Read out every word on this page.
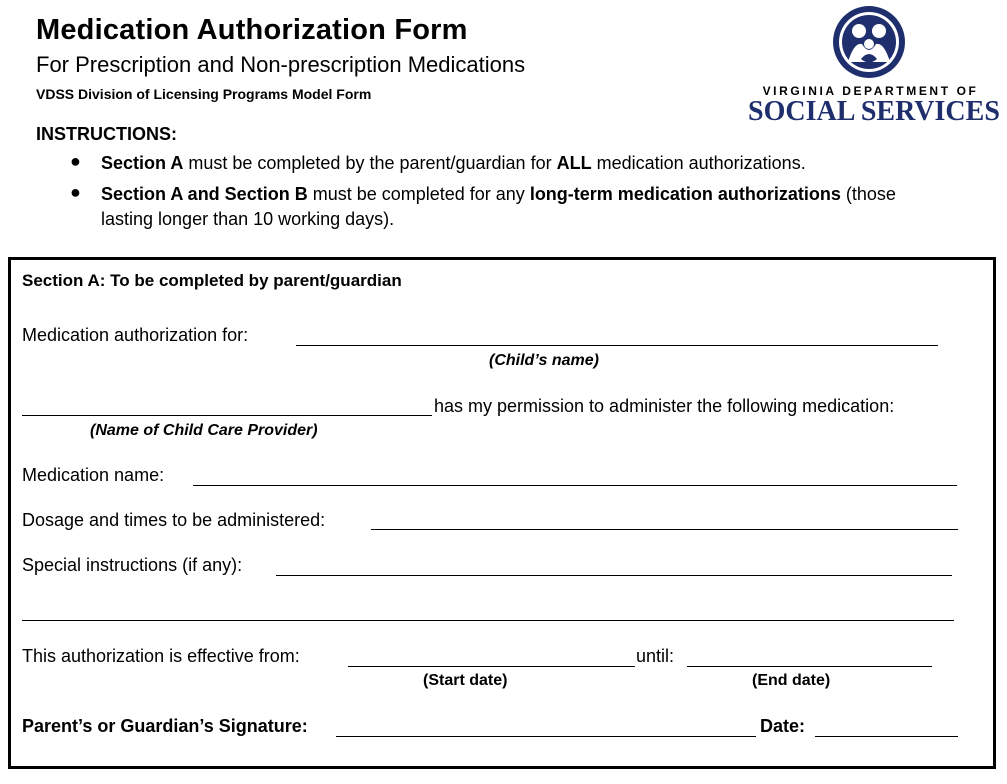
Medication Authorization Form
For Prescription and Non-prescription Medications
VDSS Division of Licensing Programs Model Form	VIRGINIA DEPARTMENT OF
SOCIAL SERVICES
INSTRUCTIONS:
● Section A must be completed by the parent/guardian for ALL medication authorizations.
● Section A and Section B must be completed for any long-term medication authorizations (those
lasting longer than 10 working days).
Section A: To be completed by parent/guardian
Medication authorization for:
(Child’s name)
has my permission to administer the following medication:
(Name of Child Care Provider)
Medication name:
Dosage and times to be administered:
Special instructions (if any):
This authorization is effective from:	until:
(Start date)	(End date)
Parent’s or Guardian’s Signature:	Date:
